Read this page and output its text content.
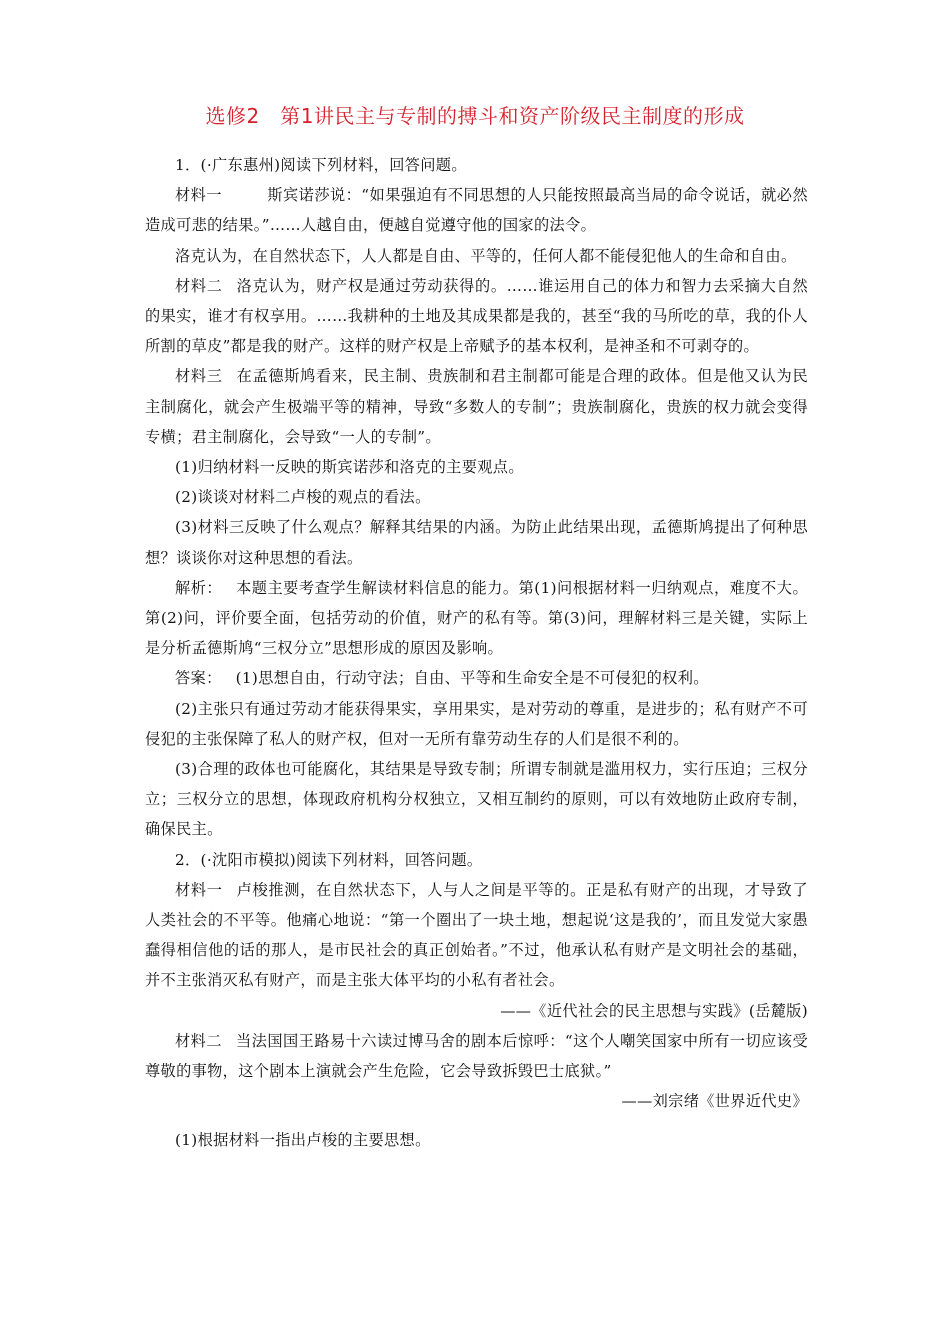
选修2　第1讲民主与专制的搏斗和资产阶级民主制度的形成

1．(·广东惠州)阅读下列材料，回答问题。

材料一　　斯宾诺莎说：“如果强迫有不同思想的人只能按照最高当局的命令说话，就必然造成可悲的结果。”……人越自由，便越自觉遵守他的国家的法令。

洛克认为，在自然状态下，人人都是自由、平等的，任何人都不能侵犯他人的生命和自由。

材料二 洛克认为，财产权是通过劳动获得的。……谁运用自己的体力和智力去采摘大自然的果实，谁才有权享用。……我耕种的土地及其成果都是我的，甚至“我的马所吃的草，我的仆人所割的草皮”都是我的财产。这样的财产权是上帝赋予的基本权利，是神圣和不可剥夺的。

材料三 在孟德斯鸠看来，民主制、贵族制和君主制都可能是合理的政体。但是他又认为民主制腐化，就会产生极端平等的精神，导致“多数人的专制”；贵族制腐化，贵族的权力就会变得专横；君主制腐化，会导致“一人的专制”。

(1)归纳材料一反映的斯宾诺莎和洛克的主要观点。

(2)谈谈对材料二卢梭的观点的看法。

(3)材料三反映了什么观点？解释其结果的内涵。为防止此结果出现，孟德斯鸠提出了何种思想？谈谈你对这种思想的看法。

解析： 本题主要考查学生解读材料信息的能力。第(1)问根据材料一归纳观点，难度不大。第(2)问，评价要全面，包括劳动的价值，财产的私有等。第(3)问，理解材料三是关键，实际上是分析孟德斯鸠“三权分立”思想形成的原因及影响。

答案： (1)思想自由，行动守法；自由、平等和生命安全是不可侵犯的权利。

(2)主张只有通过劳动才能获得果实，享用果实，是对劳动的尊重，是进步的；私有财产不可侵犯的主张保障了私人的财产权，但对一无所有靠劳动生存的人们是很不利的。

(3)合理的政体也可能腐化，其结果是导致专制；所谓专制就是滥用权力，实行压迫；三权分立；三权分立的思想，体现政府机构分权独立，又相互制约的原则，可以有效地防止政府专制，确保民主。

2．(·沈阳市模拟)阅读下列材料，回答问题。

材料一 卢梭推测，在自然状态下，人与人之间是平等的。正是私有财产的出现，才导致了人类社会的不平等。他痛心地说：“第一个圈出了一块土地，想起说‘这是我的’，而且发觉大家愚蠢得相信他的话的那人，是市民社会的真正创始者。”不过，他承认私有财产是文明社会的基础，并不主张消灭私有财产，而是主张大体平均的小私有者社会。

——《近代社会的民主思想与实践》(岳麓版)

材料二 当法国国王路易十六读过博马舍的剧本后惊呼：“这个人嘲笑国家中所有一切应该受尊敬的事物，这个剧本上演就会产生危险，它会导致拆毁巴士底狱。”

——刘宗绪《世界近代史》

(1)根据材料一指出卢梭的主要思想。
